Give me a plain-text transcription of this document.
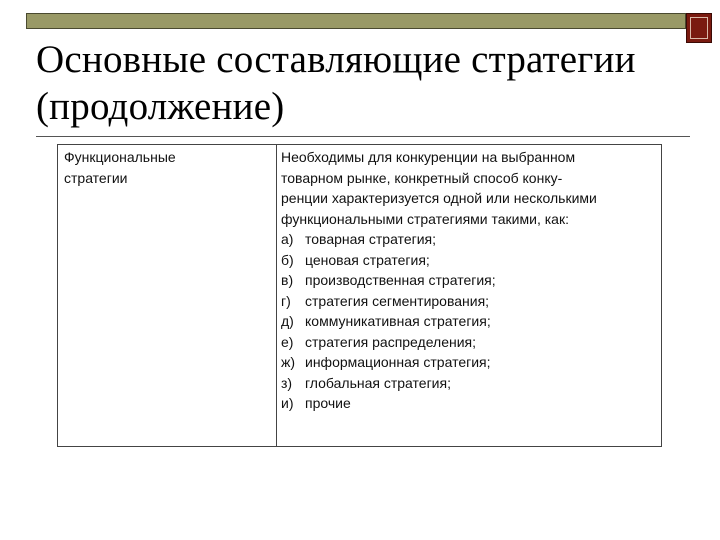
Основные составляющие стратегии
(продолжение)
Функциональные
стратегии
Необходимы для конкуренции на выбранном
товарном рынке, конкретный способ конку-
ренции характеризуется одной или несколькими
функциональными стратегиями такими, как:
а) товарная стратегия;
б) ценовая стратегия;
в) производственная стратегия;
г)	стратегия сегментирования;
д) коммуникативная стратегия;
е) стратегия распределения;
ж) информационная стратегия;
з) глобальная стратегия;
и) прочие
